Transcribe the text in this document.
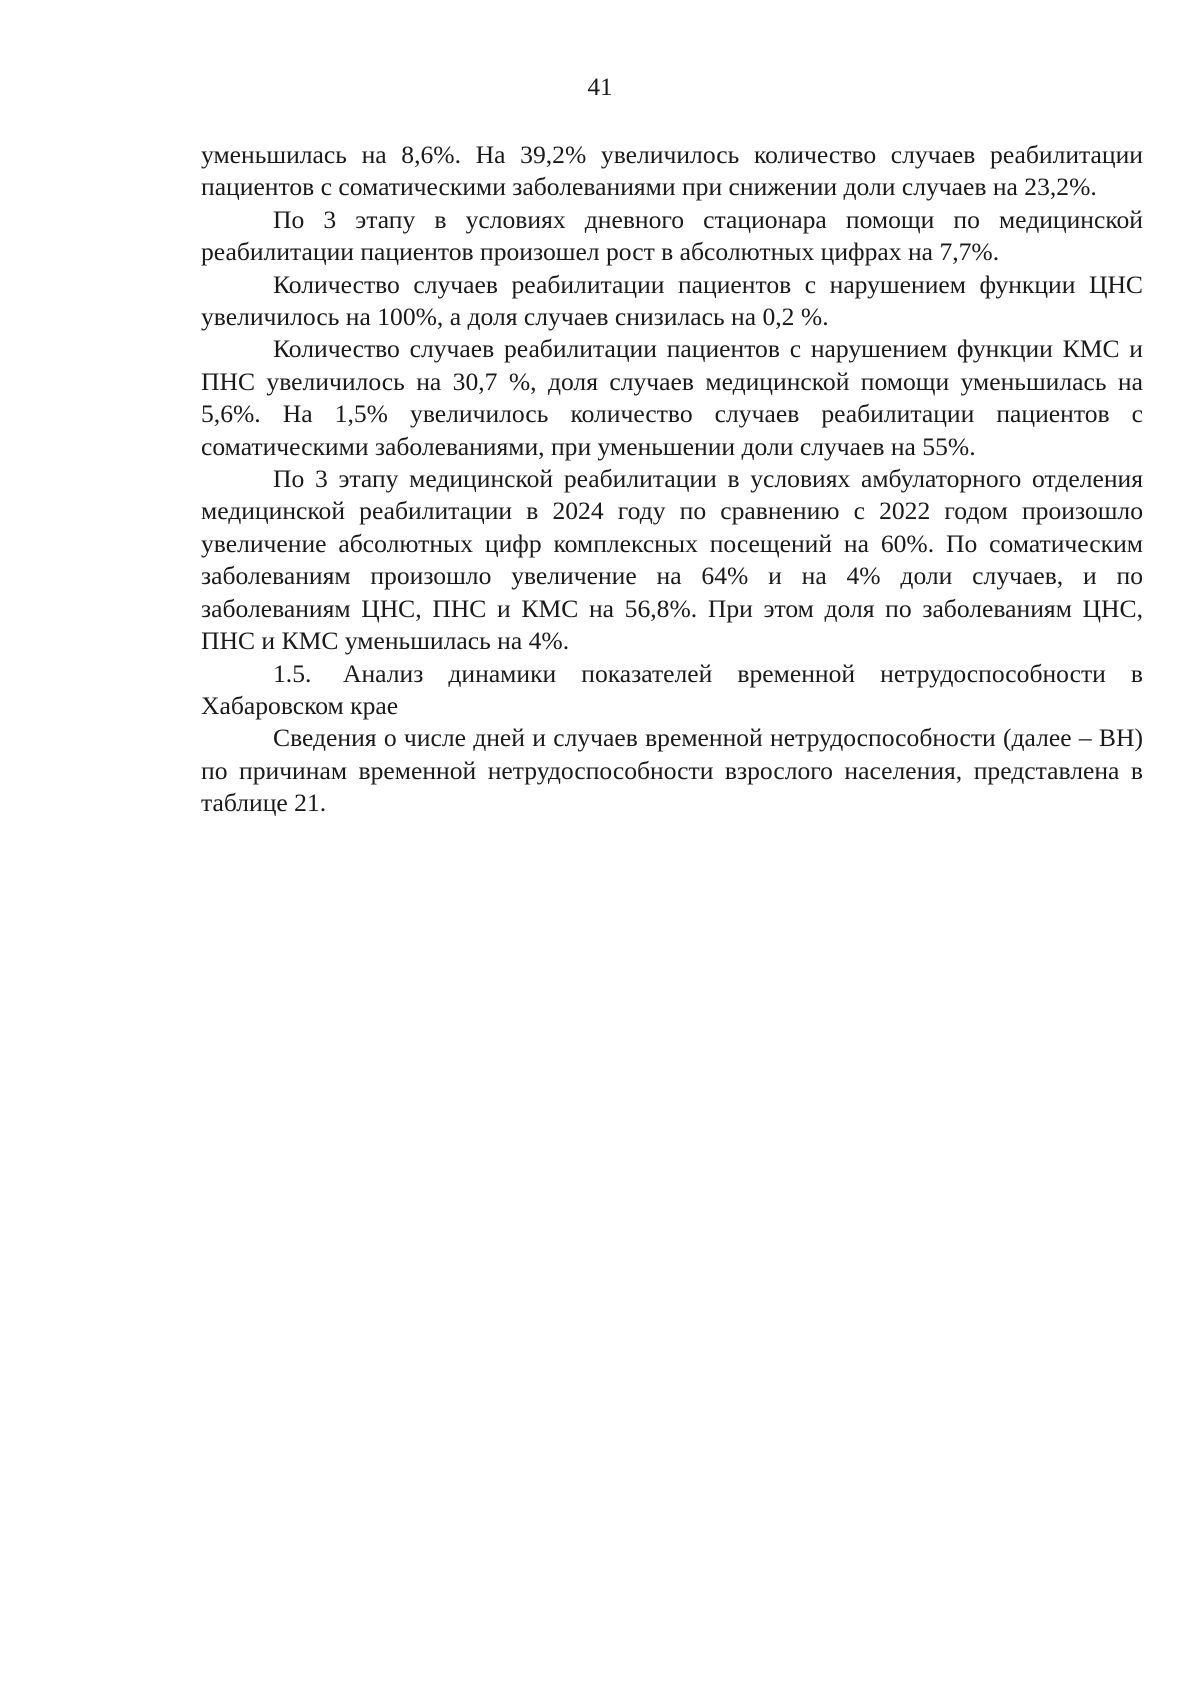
41

уменьшилась на 8,6%. На 39,2% увеличилось количество случаев реабилитации пациентов с соматическими заболеваниями при снижении доли случаев на 23,2%.

По 3 этапу в условиях дневного стационара помощи по медицинской реабилитации пациентов произошел рост в абсолютных цифрах на 7,7%.

Количество случаев реабилитации пациентов с нарушением функции ЦНС увеличилось на 100%, а доля случаев снизилась на 0,2 %.

Количество случаев реабилитации пациентов с нарушением функции КМС и ПНС увеличилось на 30,7 %, доля случаев медицинской помощи уменьшилась на 5,6%. На 1,5% увеличилось количество случаев реабилитации пациентов с соматическими заболеваниями, при уменьшении доли случаев на 55%.

По 3 этапу медицинской реабилитации в условиях амбулаторного отделения медицинской реабилитации в 2024 году по сравнению с 2022 годом произошло увеличение абсолютных цифр комплексных посещений на 60%. По соматическим заболеваниям произошло увеличение на 64% и на 4% доли случаев, и по заболеваниям ЦНС, ПНС и КМС на 56,8%. При этом доля по заболеваниям ЦНС, ПНС и КМС уменьшилась на 4%.

1.5. Анализ динамики показателей временной нетрудоспособности в Хабаровском крае

Сведения о числе дней и случаев временной нетрудоспособности (далее – ВН) по причинам временной нетрудоспособности взрослого населения, представлена в таблице 21.
